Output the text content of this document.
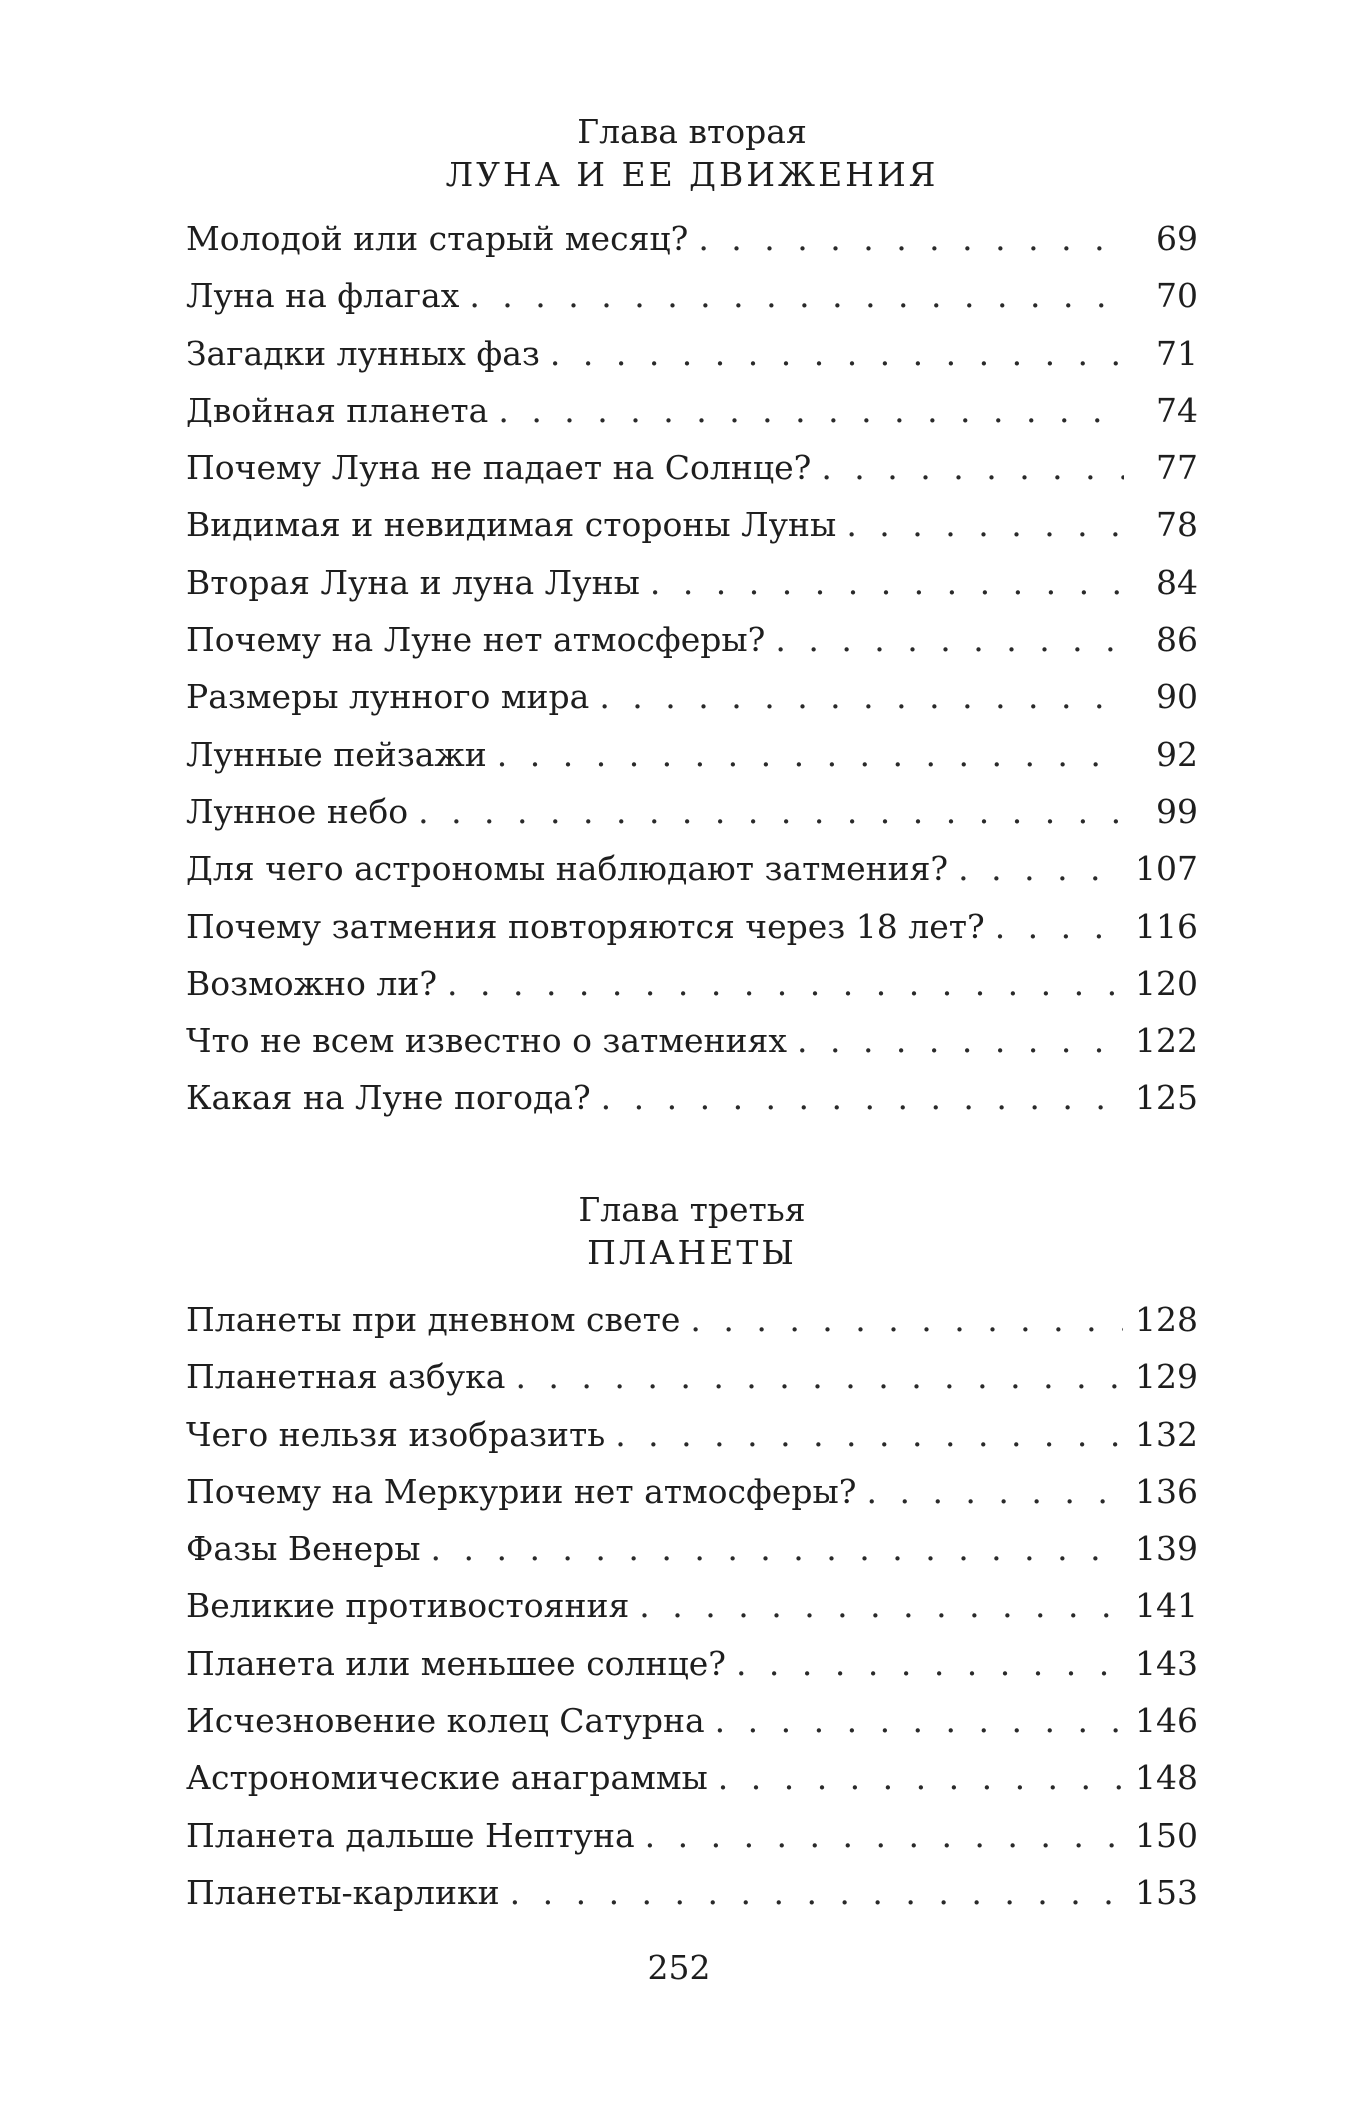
Глава вторая
ЛУНА И ЕЕ ДВИЖЕНИЯ
Молодой или старый месяц? . . .	69
Луна на флагах . . .	70
Загадки лунных фаз . . .	71
Двойная планета . . .	74
Почему Луна не падает на Солнце? . . .	77
Видимая и невидимая стороны Луны . . .	78
Вторая Луна и луна Луны . . .	84
Почему на Луне нет атмосферы? . . .	86
Размеры лунного мира . . .	90
Лунные пейзажи . . .	92
Лунное небо . . .	99
Для чего астрономы наблюдают затмения? . . .	107
Почему затмения повторяются через 18 лет? . . .	116
Возможно ли? . . .	120
Что не всем известно о затмениях . . .	122
Какая на Луне погода? . . .	125
Глава третья
ПЛАНЕТЫ
Планеты при дневном свете . . .	128
Планетная азбука . . .	129
Чего нельзя изобразить . . .	132
Почему на Меркурии нет атмосферы? . . .	136
Фазы Венеры . . .	139
Великие противостояния . . .	141
Планета или меньшее солнце? . . .	143
Исчезновение колец Сатурна . . .	146
Астрономические анаграммы . . .	148
Планета дальше Нептуна . . .	150
Планеты-карлики . . .	153
252
